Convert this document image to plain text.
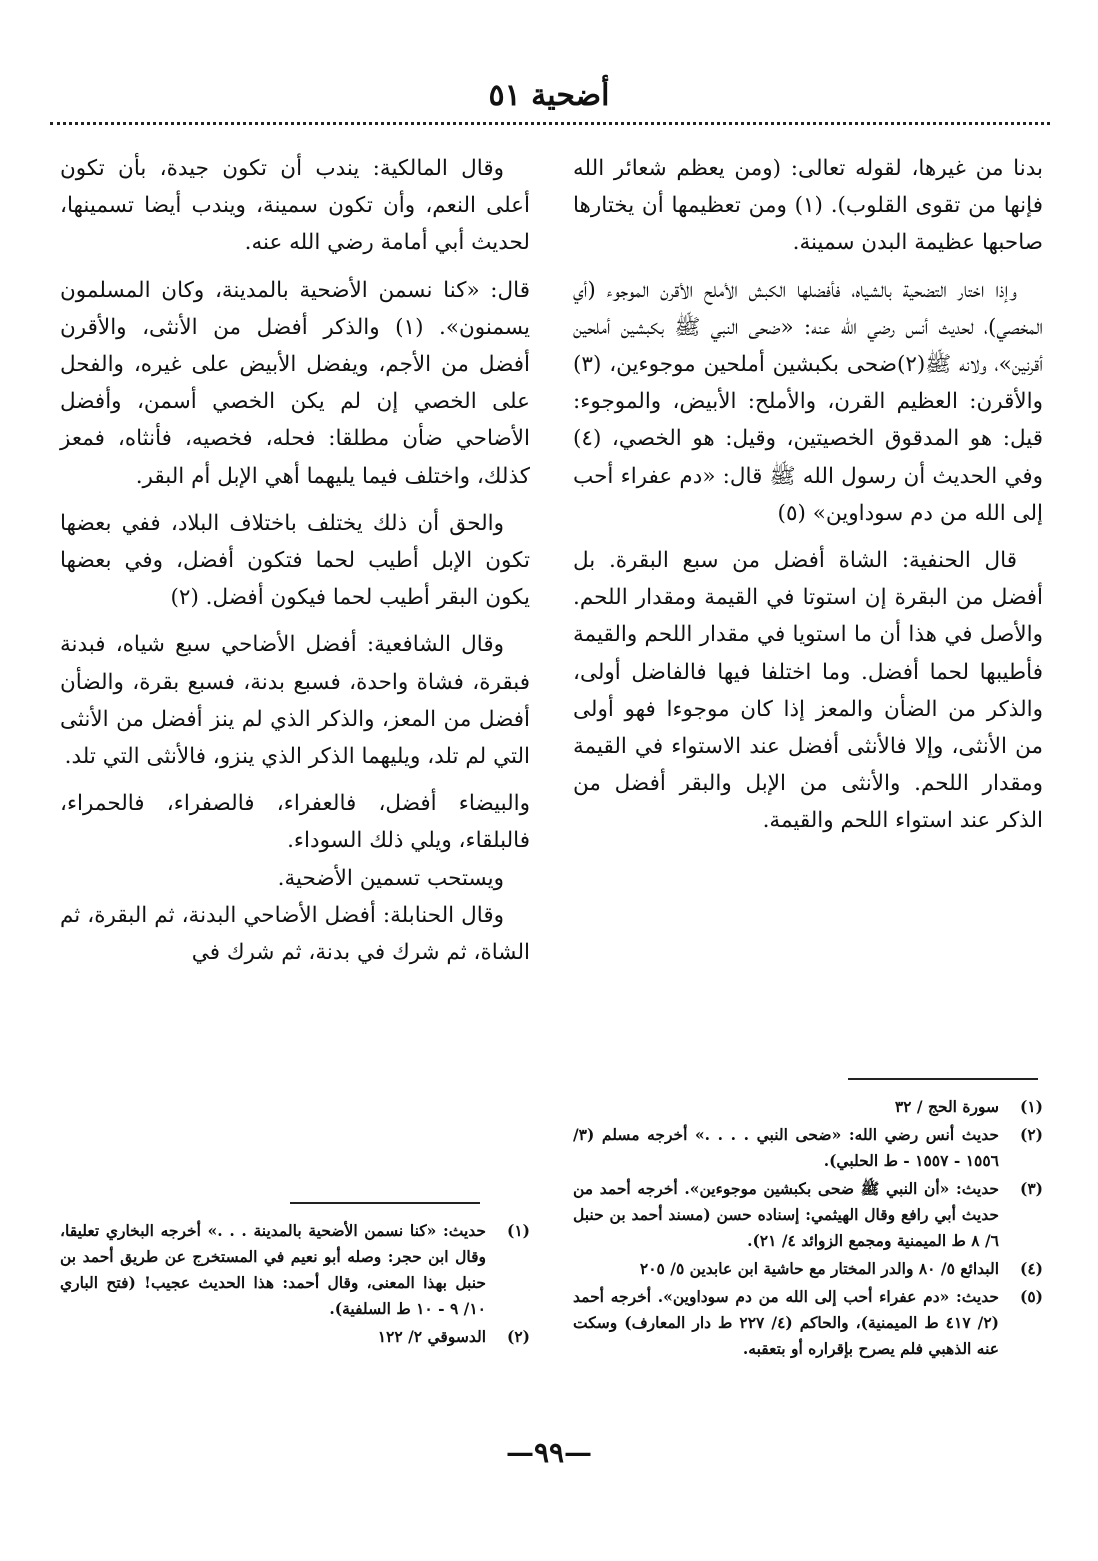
أضحية ٥١

بدنا من غيرها، لقوله تعالى: (ومن يعظم شعائر الله فإنها من تقوى القلوب). (١) ومن تعظيمها أن يختارها صاحبها عظيمة البدن سمينة.

وإذا اختار التضحية بالشياه، فأفضلها الكبش الأملح الأقرن الموجوء (أي المخصي)، لحديث أنس رضي الله عنه: «ضحى النبي ﷺ بكبشين أملحين أقرنين»، ولانه ﷺ(٢)ضحى بكبشين أملحين موجوءين، (٣) والأقرن: العظيم القرن، والأملح: الأبيض، والموجوء: قيل: هو المدقوق الخصيتين، وقيل: هو الخصي، (٤) وفي الحديث أن رسول الله ﷺ قال: «دم عفراء أحب إلى الله من دم سوداوين» (٥)

قال الحنفية: الشاة أفضل من سبع البقرة. بل أفضل من البقرة إن استوتا في القيمة ومقدار اللحم. والأصل في هذا أن ما استويا في مقدار اللحم والقيمة فأطيبها لحما أفضل. وما اختلفا فيها فالفاضل أولى، والذكر من الضأن والمعز إذا كان موجوءا فهو أولى من الأنثى، وإلا فالأنثى أفضل عند الاستواء في القيمة ومقدار اللحم. والأنثى من الإبل والبقر أفضل من الذكر عند استواء اللحم والقيمة.

(١)
سورة الحج / ٣٢
(٢)
حديث أنس رضي الله: «ضحى النبي . . . .» أخرجه مسلم (٣/ ١٥٥٦ - ١٥٥٧ - ط الحلبي).
(٣)
حديث: «أن النبي ﷺ ضحى بكبشين موجوءين». أخرجه أحمد من حديث أبي رافع وقال الهيثمي: إسناده حسن (مسند أحمد بن حنبل ٦/ ٨ ط الميمنية ومجمع الزوائد ٤/ ٢١).
(٤)
البدائع ٥/ ٨٠ والدر المختار مع حاشية ابن عابدين ٥/ ٢٠٥
(٥)
حديث: «دم عفراء أحب إلى الله من دم سوداوين». أخرجه أحمد (٢/ ٤١٧ ط الميمنية)، والحاكم (٤/ ٢٢٧ ط دار المعارف) وسكت عنه الذهبي فلم يصرح بإقراره أو بتعقبه.

وقال المالكية: يندب أن تكون جيدة، بأن تكون أعلى النعم، وأن تكون سمينة، ويندب أيضا تسمينها، لحديث أبي أمامة رضي الله عنه.

قال: «كنا نسمن الأضحية بالمدينة، وكان المسلمون يسمنون». (١) والذكر أفضل من الأنثى، والأقرن أفضل من الأجم، ويفضل الأبيض على غيره، والفحل على الخصي إن لم يكن الخصي أسمن، وأفضل الأضاحي ضأن مطلقا: فحله، فخصيه، فأنثاه، فمعز كذلك، واختلف فيما يليهما أهي الإبل أم البقر.

والحق أن ذلك يختلف باختلاف البلاد، ففي بعضها تكون الإبل أطيب لحما فتكون أفضل، وفي بعضها يكون البقر أطيب لحما فيكون أفضل. (٢)

وقال الشافعية: أفضل الأضاحي سبع شياه، فبدنة فبقرة، فشاة واحدة، فسبع بدنة، فسبع بقرة، والضأن أفضل من المعز، والذكر الذي لم ينز أفضل من الأنثى التي لم تلد، ويليهما الذكر الذي ينزو، فالأنثى التي تلد.

والبيضاء أفضل، فالعفراء، فالصفراء، فالحمراء، فالبلقاء، ويلي ذلك السوداء.

ويستحب تسمين الأضحية.

وقال الحنابلة: أفضل الأضاحي البدنة، ثم البقرة، ثم الشاة، ثم شرك في بدنة، ثم شرك في

(١)
حديث: «كنا نسمن الأضحية بالمدينة . . .» أخرجه البخاري تعليقا، وقال ابن حجر: وصله أبو نعيم في المستخرج عن طريق أحمد بن حنبل بهذا المعنى، وقال أحمد: هذا الحديث عجيب! (فتح الباري ١٠/ ٩ - ١٠ ط السلفية).
(٢)
الدسوقي ٢/ ١٢٢
—٩٩—
